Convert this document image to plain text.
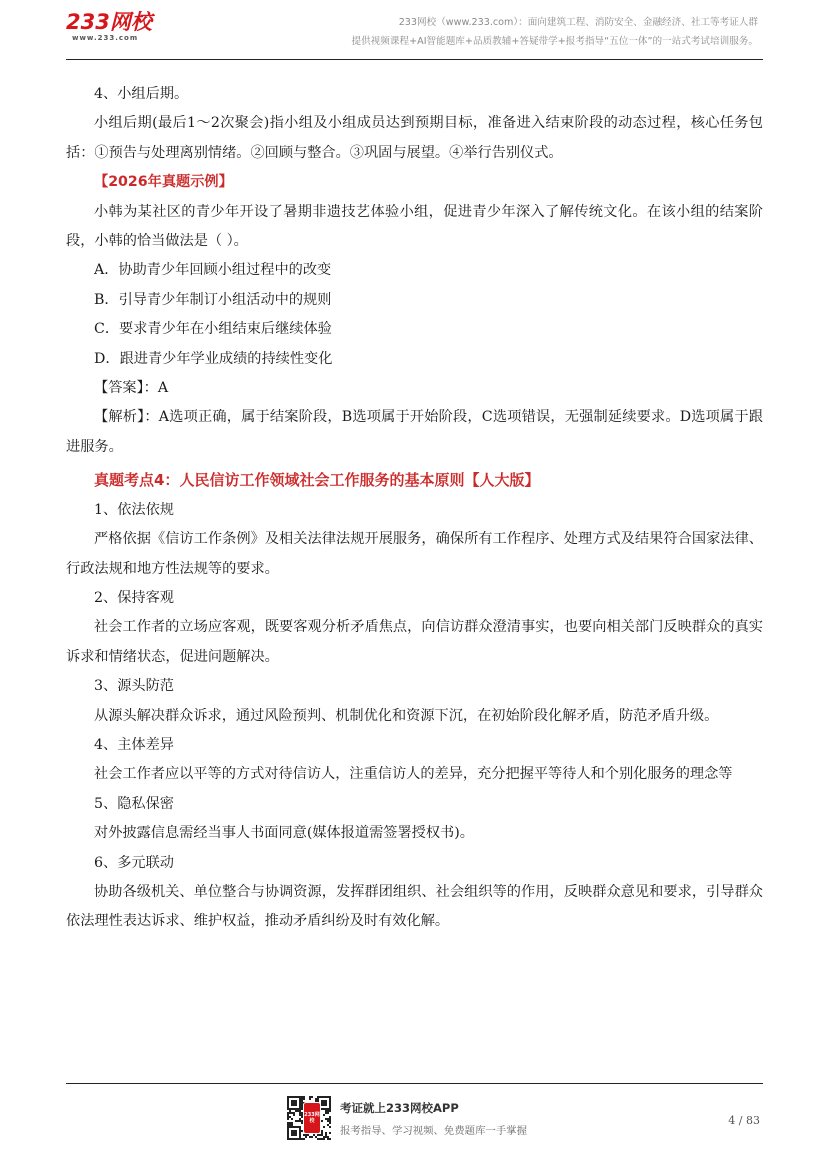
233网校
www.233.com
233网校（www.233.com）：面向建筑工程、消防安全、金融经济、社工等考证人群
提供视频课程+AI智能题库+品质教辅+答疑带学+报考指导“五位一体”的一站式考试培训服务。

4、小组后期。

小组后期(最后1～2次聚会)指小组及小组成员达到预期目标，准备进入结束阶段的动态过程，核心任务包括：①预告与处理离别情绪。②回顾与整合。③巩固与展望。④举行告别仪式。

【2026年真题示例】

小韩为某社区的青少年开设了暑期非遗技艺体验小组，促进青少年深入了解传统文化。在该小组的结案阶段，小韩的恰当做法是（ ）。

A．协助青少年回顾小组过程中的改变

B．引导青少年制订小组活动中的规则

C．要求青少年在小组结束后继续体验

D．跟进青少年学业成绩的持续性变化

【答案】：A

【解析】：A选项正确，属于结案阶段，B选项属于开始阶段，C选项错误，无强制延续要求。D选项属于跟进服务。

真题考点4：人民信访工作领域社会工作服务的基本原则【人大版】

1、依法依规

严格依据《信访工作条例》及相关法律法规开展服务，确保所有工作程序、处理方式及结果符合国家法律、行政法规和地方性法规等的要求。

2、保持客观

社会工作者的立场应客观，既要客观分析矛盾焦点，向信访群众澄清事实，也要向相关部门反映群众的真实诉求和情绪状态，促进问题解决。

3、源头防范

从源头解决群众诉求，通过风险预判、机制优化和资源下沉，在初始阶段化解矛盾，防范矛盾升级。

4、主体差异

社会工作者应以平等的方式对待信访人，注重信访人的差异，充分把握平等待人和个别化服务的理念等

5、隐私保密

对外披露信息需经当事人书面同意(媒体报道需签署授权书)。

6、多元联动

协助各级机关、单位整合与协调资源，发挥群团组织、社会组织等的作用，反映群众意见和要求，引导群众依法理性表达诉求、维护权益，推动矛盾纠纷及时有效化解。

233网校
考证就上233网校APP
报考指导、学习视频、免费题库一手掌握
4 / 83
